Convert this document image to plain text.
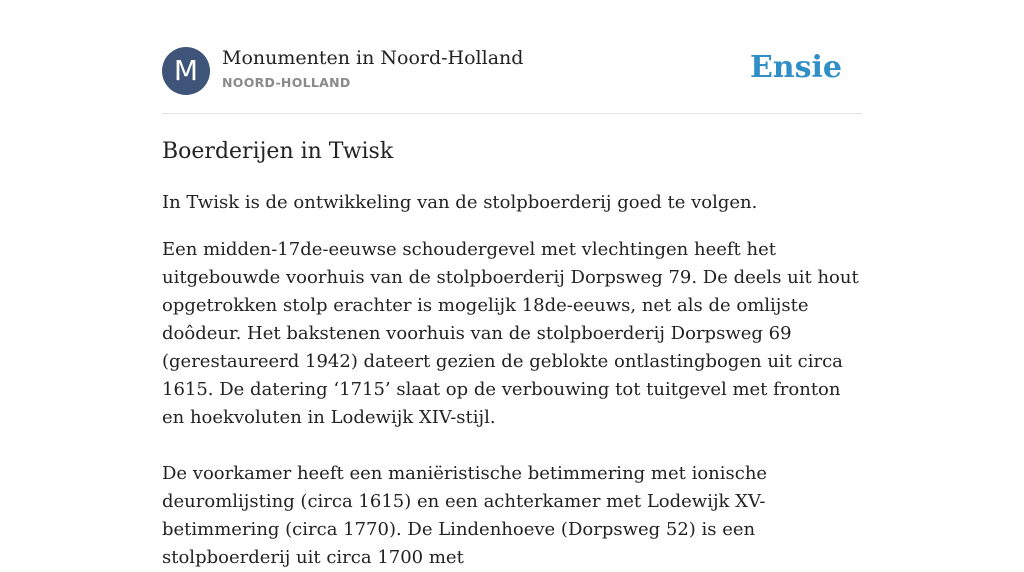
M	Monumenten in Noord-Holland
NOORD-HOLLAND	Ensie
Boerderijen in Twisk

In Twisk is de ontwikkeling van de stolpboerderij goed te volgen.

Een midden-17de-eeuwse schoudergevel met vlechtingen heeft het uitgebouwde voorhuis van de stolpboerderij Dorpsweg 79. De deels uit hout opgetrokken stolp erachter is mogelijk 18de-eeuws, net als de omlijste doôdeur. Het bakstenen voorhuis van de stolpboerderij Dorpsweg 69 (gerestaureerd 1942) dateert gezien de geblokte ontlastingbogen uit circa 1615. De datering ‘1715’ slaat op de verbouwing tot tuitgevel met fronton en hoekvoluten in Lodewijk XIV-stijl.

De voorkamer heeft een maniëristische betimmering met ionische deuromlijsting (circa 1615) en een achterkamer met Lodewijk XV-betimmering (circa 1770). De Lindenhoeve (Dorpsweg 52) is een stolpboerderij uit circa 1700 met
